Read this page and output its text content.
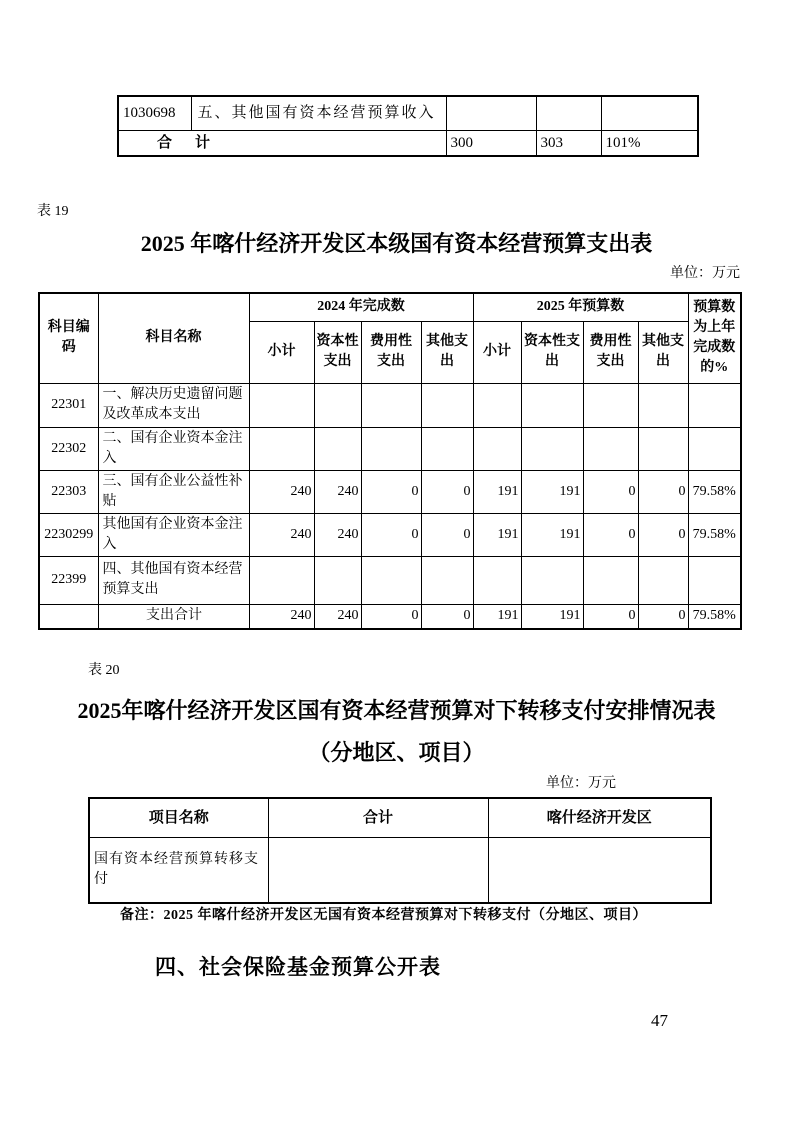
1030698	五、其他国有资本经营预算收入			
合　计		300	303	101%
表 19
2025 年喀什经济开发区本级国有资本经营预算支出表
单位：万元
科目编码	科目名称	2024 年完成数				2025 年预算数				预算数为上年完成数的%
		小计	资本性支出	费用性支出	其他支出	小计	资本性支出	费用性支出	其他支出	
22301	一、解决历史遗留问题及改革成本支出									
22302	二、国有企业资本金注入									
22303	三、国有企业公益性补贴	240	240	0	0	191	191	0	0	79.58%
2230299	其他国有企业资本金注入	240	240	0	0	191	191	0	0	79.58%
22399	四、其他国有资本经营预算支出									
	支出合计	240	240	0	0	191	191	0	0	79.58%
表 20
2025年喀什经济开发区国有资本经营预算对下转移支付安排情况表
（分地区、项目）
单位：万元
项目名称	合计	喀什经济开发区
国有资本经营预算转移支付		
备注：2025 年喀什经济开发区无国有资本经营预算对下转移支付（分地区、项目）
四、社会保险基金预算公开表
47
